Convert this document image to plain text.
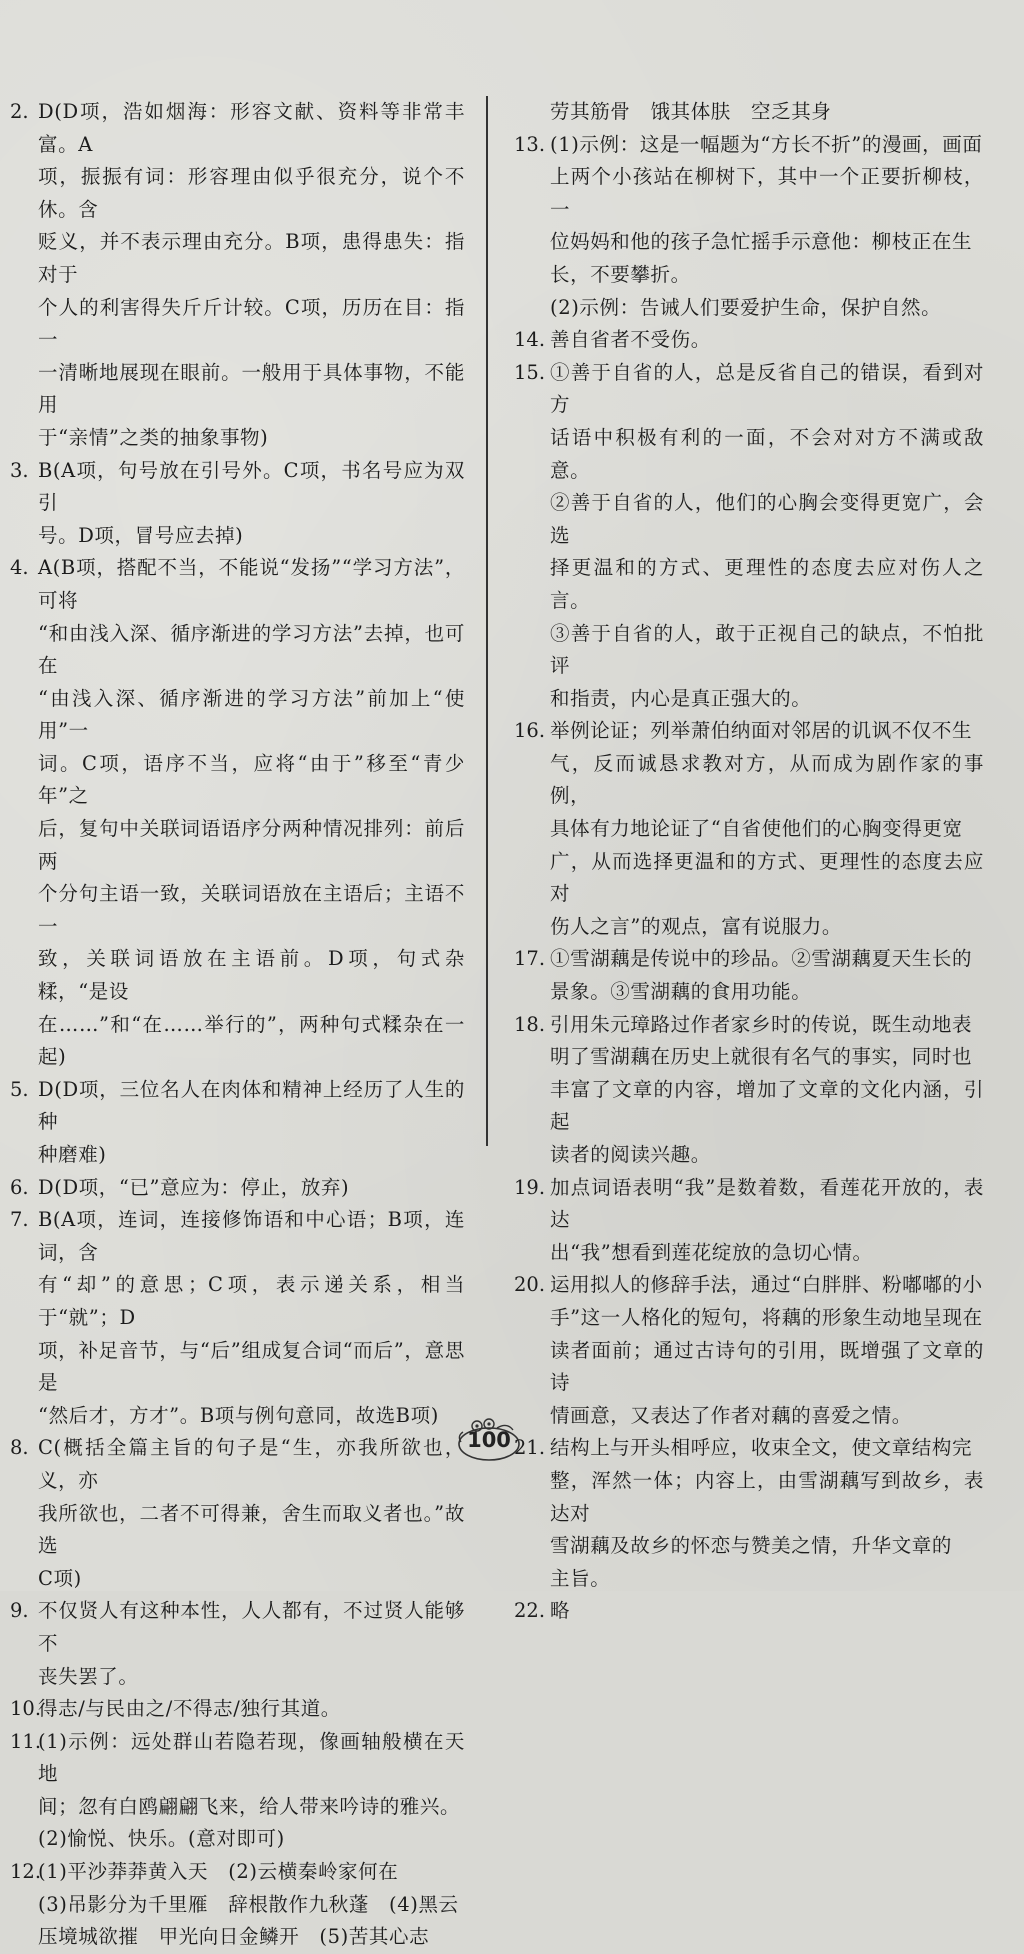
2. D(D项，浩如烟海：形容文献、资料等非常丰富。A
项，振振有词：形容理由似乎很充分，说个不休。含
贬义，并不表示理由充分。B项，患得患失：指对于
个人的利害得失斤斤计较。C项，历历在目：指一
一清晰地展现在眼前。一般用于具体事物，不能用
于“亲情”之类的抽象事物)
3. B(A项，句号放在引号外。C项，书名号应为双引
号。D项，冒号应去掉)
4. A(B项，搭配不当，不能说“发扬”“学习方法”，可将
“和由浅入深、循序渐进的学习方法”去掉，也可在
“由浅入深、循序渐进的学习方法”前加上“使用”一
词。C项，语序不当，应将“由于”移至“青少年”之
后，复句中关联词语语序分两种情况排列：前后两
个分句主语一致，关联词语放在主语后；主语不一
致，关联词语放在主语前。D项，句式杂糅，“是设
在……”和“在……举行的”，两种句式糅杂在一起)
5. D(D项，三位名人在肉体和精神上经历了人生的种
种磨难)
6. D(D项，“已”意应为：停止，放弃)
7. B(A项，连词，连接修饰语和中心语；B项，连词，含
有“却”的意思；C项，表示递关系，相当于“就”；D
项，补足音节，与“后”组成复合词“而后”，意思是
“然后才，方才”。B项与例句意同，故选B项)
8. C(概括全篇主旨的句子是“生，亦我所欲也，义，亦
我所欲也，二者不可得兼，舍生而取义者也。”故选
C项)
9. 不仅贤人有这种本性，人人都有，不过贤人能够不
丧失罢了。
10.
得志/与民由之/不得志/独行其道。
11.
(1)示例：远处群山若隐若现，像画轴般横在天地
间；忽有白鸥翩翩飞来，给人带来吟诗的雅兴。
(2)愉悦、快乐。(意对即可)
12.
(1)平沙莽莽黄入天　(2)云横秦岭家何在
(3)吊影分为千里雁　辞根散作九秋蓬　(4)黑云
压境城欲摧　甲光向日金鳞开　(5)苦其心志
劳其筋骨　饿其体肤　空乏其身
13. (1)示例：这是一幅题为“方长不折”的漫画，画面
上两个小孩站在柳树下，其中一个正要折柳枝，一
位妈妈和他的孩子急忙摇手示意他：柳枝正在生
长，不要攀折。
(2)示例：告诫人们要爱护生命，保护自然。
14. 善自省者不受伤。
15. ①善于自省的人，总是反省自己的错误，看到对方
话语中积极有利的一面，不会对对方不满或敌意。
②善于自省的人，他们的心胸会变得更宽广，会选
择更温和的方式、更理性的态度去应对伤人之言。
③善于自省的人，敢于正视自己的缺点，不怕批评
和指责，内心是真正强大的。
16. 举例论证；列举萧伯纳面对邻居的讥讽不仅不生
气，反而诚恳求教对方，从而成为剧作家的事例，
具体有力地论证了“自省使他们的心胸变得更宽
广，从而选择更温和的方式、更理性的态度去应对
伤人之言”的观点，富有说服力。
17. ①雪湖藕是传说中的珍品。②雪湖藕夏天生长的
景象。③雪湖藕的食用功能。
18. 引用朱元璋路过作者家乡时的传说，既生动地表
明了雪湖藕在历史上就很有名气的事实，同时也
丰富了文章的内容，增加了文章的文化内涵，引起
读者的阅读兴趣。
19. 加点词语表明“我”是数着数，看莲花开放的，表达
出“我”想看到莲花绽放的急切心情。
20. 运用拟人的修辞手法，通过“白胖胖、粉嘟嘟的小
手”这一人格化的短句，将藕的形象生动地呈现在
读者面前；通过古诗句的引用，既增强了文章的诗
情画意，又表达了作者对藕的喜爱之情。
21. 结构上与开头相呼应，收束全文，使文章结构完
整，浑然一体；内容上，由雪湖藕写到故乡，表达对
雪湖藕及故乡的怀恋与赞美之情，升华文章的
主旨。
22. 略
100
